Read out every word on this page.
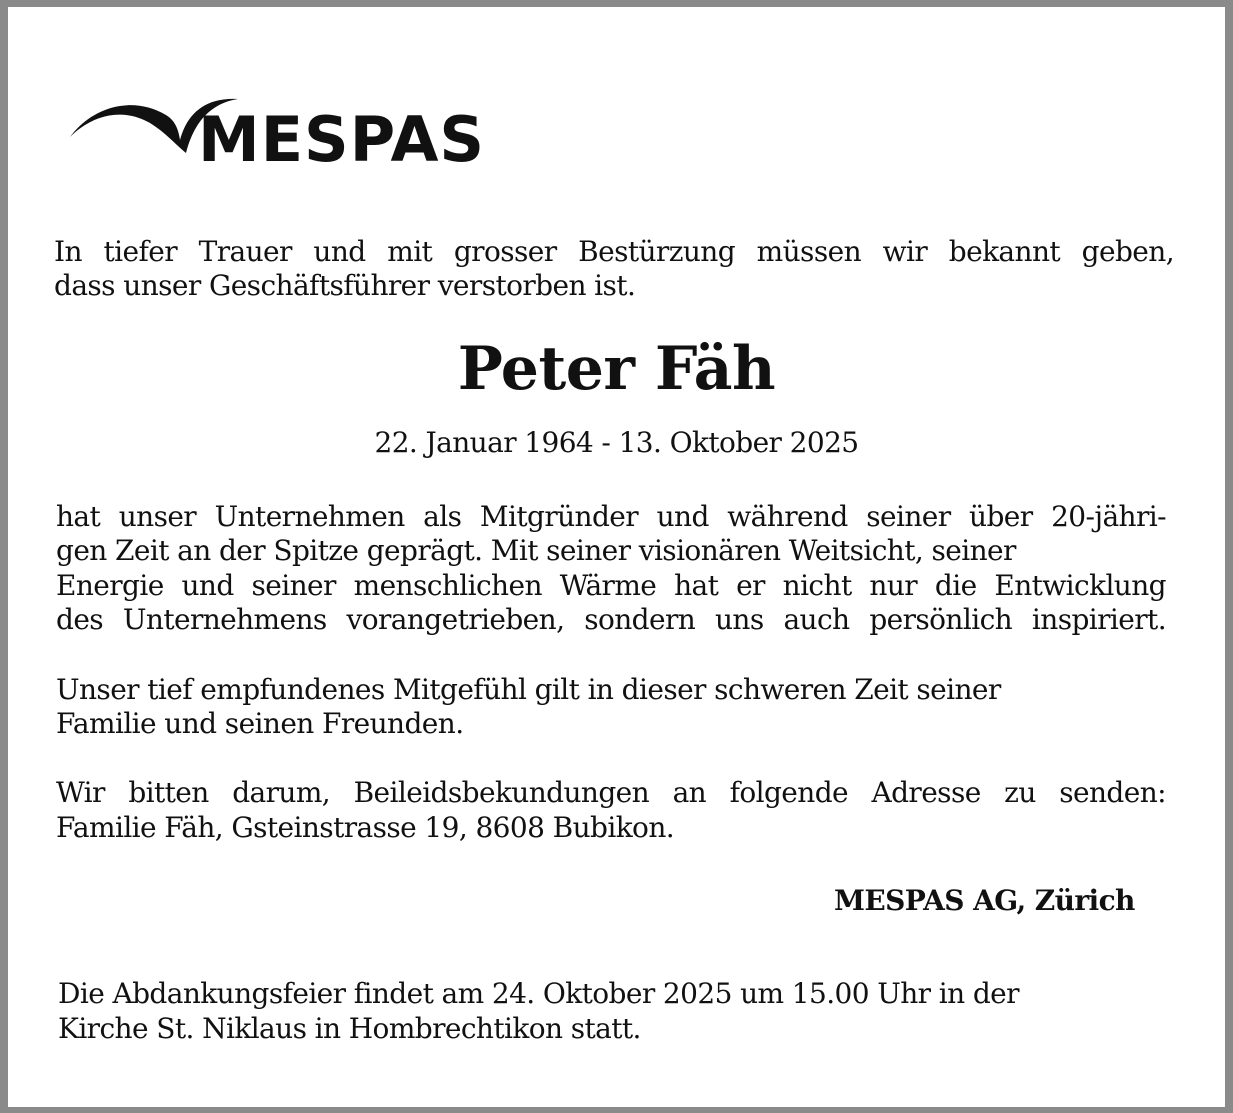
MESPAS

In tiefer Trauer und mit grosser Bestürzung müssen wir bekannt geben,

dass unser Geschäftsführer verstorben ist.
Peter Fäh
22. Januar 1964 - 13. Oktober 2025

hat unser Unternehmen als Mitgründer und während seiner über 20-jähri-

gen Zeit an der Spitze geprägt. Mit seiner visionären Weitsicht, seiner

Energie und seiner menschlichen Wärme hat er nicht nur die Entwicklung

des Unternehmens vorangetrieben, sondern uns auch persönlich inspiriert.

Unser tief empfundenes Mitgefühl gilt in dieser schweren Zeit seiner
Familie und seinen Freunden.

Wir bitten darum, Beileidsbekundungen an folgende Adresse zu senden:

Familie Fäh, Gsteinstrasse 19, 8608 Bubikon.
MESPAS AG, Zürich
Die Abdankungsfeier findet am 24. Oktober 2025 um 15.00 Uhr in der
Kirche St. Niklaus in Hombrechtikon statt.
